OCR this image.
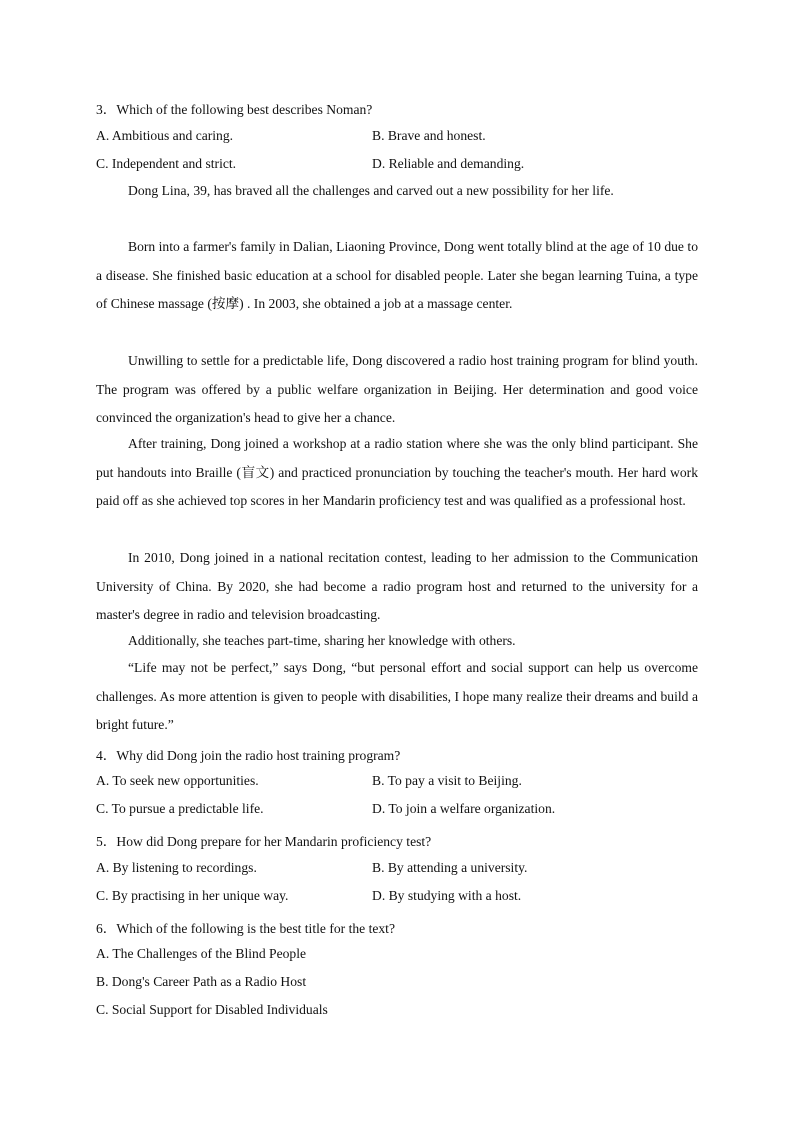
3．Which of the following best describes Noman?
A. Ambitious and caring.	B. Brave and honest.
C. Independent and strict.	D. Reliable and demanding.
Dong Lina, 39, has braved all the challenges and carved out a new possibility for her life.
Born into a farmer's family in Dalian, Liaoning Province, Dong went totally blind at the age of 10 due to a disease. She finished basic education at a school for disabled people. Later she began learning Tuina, a type of Chinese massage (按摩) . In 2003, she obtained a job at a massage center.
Unwilling to settle for a predictable life, Dong discovered a radio host training program for blind youth. The program was offered by a public welfare organization in Beijing. Her determination and good voice convinced the organization's head to give her a chance.
After training, Dong joined a workshop at a radio station where she was the only blind participant. She put handouts into Braille (盲文) and practiced pronunciation by touching the teacher's mouth. Her hard work paid off as she achieved top scores in her Mandarin proficiency test and was qualified as a professional host.
In 2010, Dong joined in a national recitation contest, leading to her admission to the Communication University of China. By 2020, she had become a radio program host and returned to the university for a master's degree in radio and television broadcasting.
Additionally, she teaches part-time, sharing her knowledge with others.
“Life may not be perfect,” says Dong, “but personal effort and social support can help us overcome challenges. As more attention is given to people with disabilities, I hope many realize their dreams and build a bright future.”
4．Why did Dong join the radio host training program?
A. To seek new opportunities.	B. To pay a visit to Beijing.
C. To pursue a predictable life.	D. To join a welfare organization.
5．How did Dong prepare for her Mandarin proficiency test?
A. By listening to recordings.	B. By attending a university.
C. By practising in her unique way.	D. By studying with a host.
6．Which of the following is the best title for the text?
A. The Challenges of the Blind People
B. Dong's Career Path as a Radio Host
C. Social Support for Disabled Individuals
